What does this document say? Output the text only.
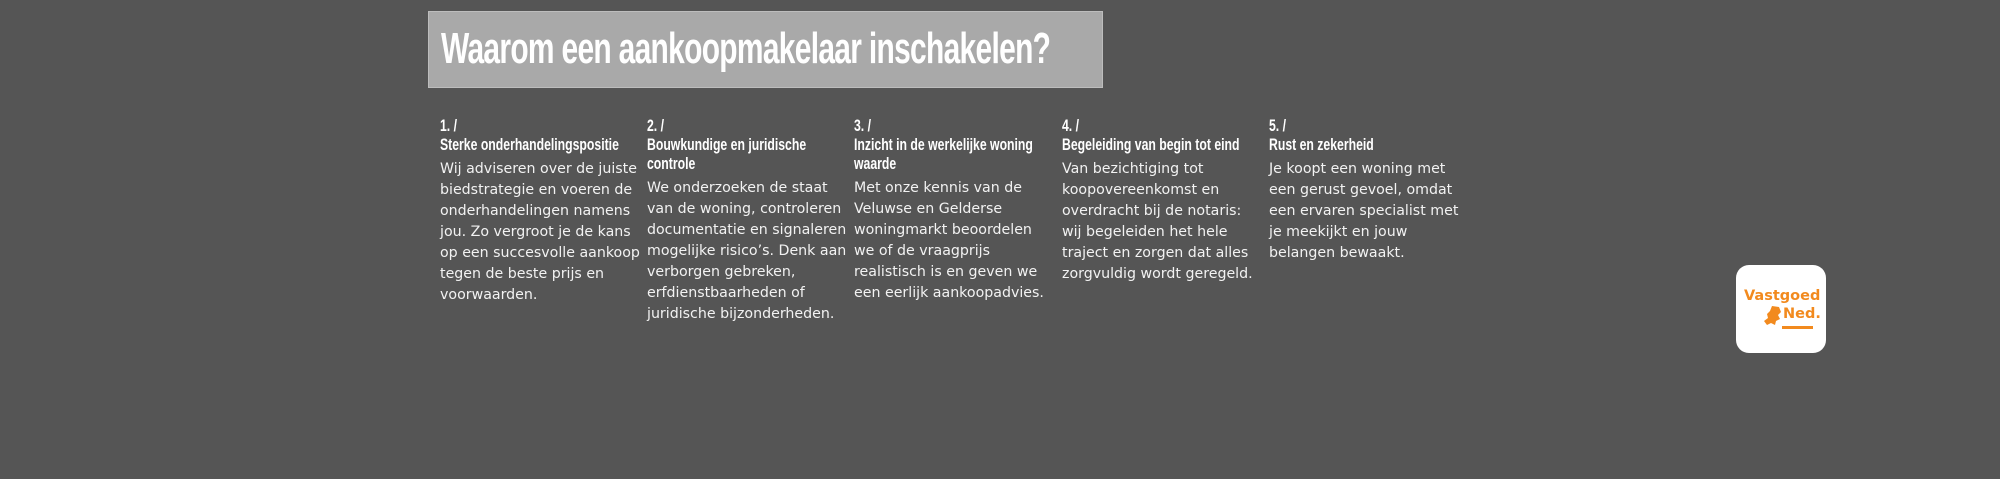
Waarom een aankoopmakelaar inschakelen?
1. /
Sterke onderhandelingspositie
Wij adviseren over de juiste biedstrategie en voeren de onderhandelingen namens jou. Zo vergroot je de kans op een succesvolle aankoop tegen de beste prijs en voorwaarden.
2. /
Bouwkundige en juridische controle
We onderzoeken de staat van de woning, controleren documentatie en signaleren mogelijke risico’s. Denk aan verborgen gebreken, erfdienstbaarheden of juridische bijzonderheden.
3. /
Inzicht in de werkelijke woning waarde
Met onze kennis van de Veluwse en Gelderse woningmarkt beoordelen we of de vraagprijs realistisch is en geven we een eerlijk aankoopadvies.
4. /
Begeleiding van begin tot eind
Van bezichtiging tot koopovereenkomst en overdracht bij de notaris: wij begeleiden het hele traject en zorgen dat alles zorgvuldig wordt geregeld.
5. /
Rust en zekerheid
Je koopt een woning met een gerust gevoel, omdat een ervaren specialist met je meekijkt en jouw belangen bewaakt.
Vastgoed
Ned.
